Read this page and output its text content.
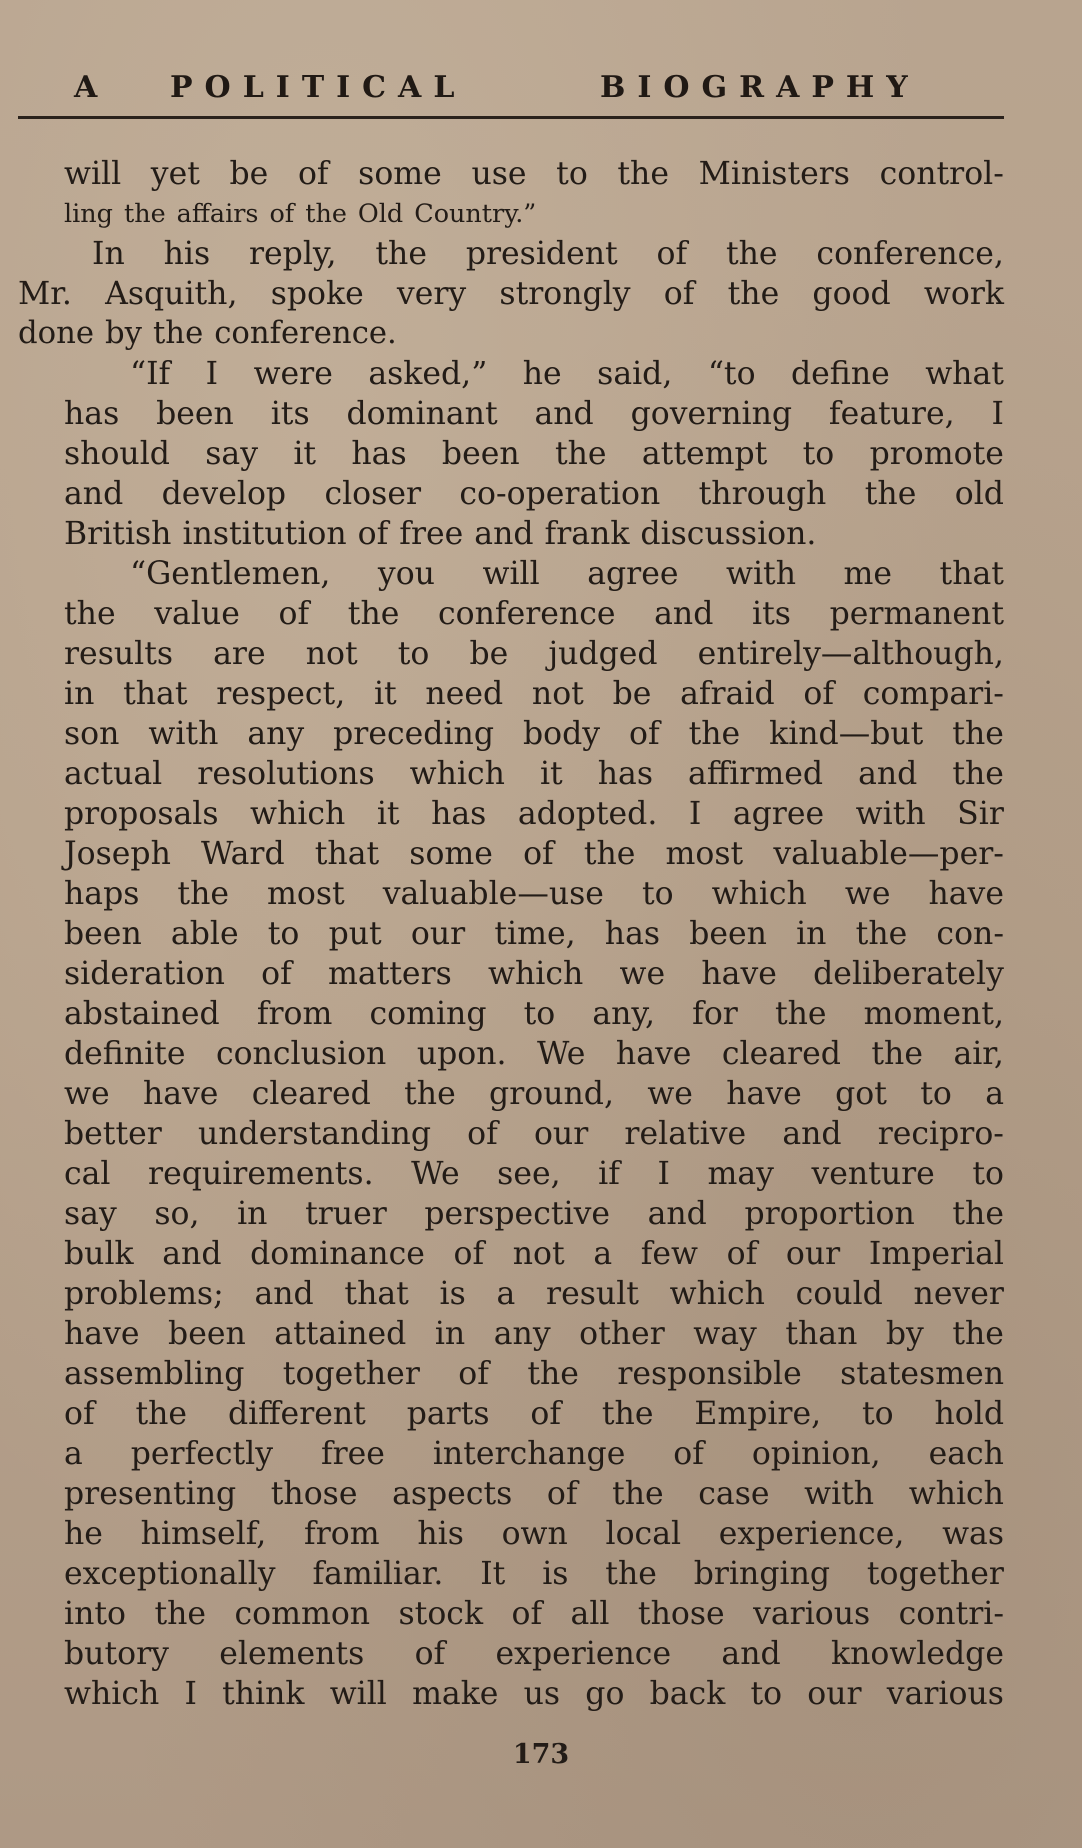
A POLITICAL	BIOGRAPHY
will yet be of some use to the Ministers control-
ling the affairs of the Old Country.”
In his reply, the president of the conference,
Mr. Asquith, spoke very strongly of the good work
done by the conference.
“If I were asked,” he said, “to define what
has been its dominant and governing feature, I
should say it has been the attempt to promote
and develop closer co-operation through the old
British institution of free and frank discussion.
“Gentlemen, you will agree with me that
the value of the conference and its permanent
results are not to be judged entirely—although,
in that respect, it need not be afraid of compari-
son with any preceding body of the kind—but the
actual resolutions which it has affirmed and the
proposals which it has adopted. I agree with Sir
Joseph Ward that some of the most valuable—per-
haps the most valuable—use to which we have
been able to put our time, has been in the con-
sideration of matters which we have deliberately
abstained from coming to any, for the moment,
definite conclusion upon. We have cleared the air,
we have cleared the ground, we have got to a
better understanding of our relative and recipro-
cal requirements. We see, if I may venture to
say so, in truer perspective and proportion the
bulk and dominance of not a few of our Imperial
problems; and that is a result which could never
have been attained in any other way than by the
assembling together of the responsible statesmen
of the different parts of the Empire, to hold
a perfectly free interchange of opinion, each
presenting those aspects of the case with which
he himself, from his own local experience, was
exceptionally familiar. It is the bringing together
into the common stock of all those various contri-
butory elements of experience and knowledge
which I think will make us go back to our various
173
